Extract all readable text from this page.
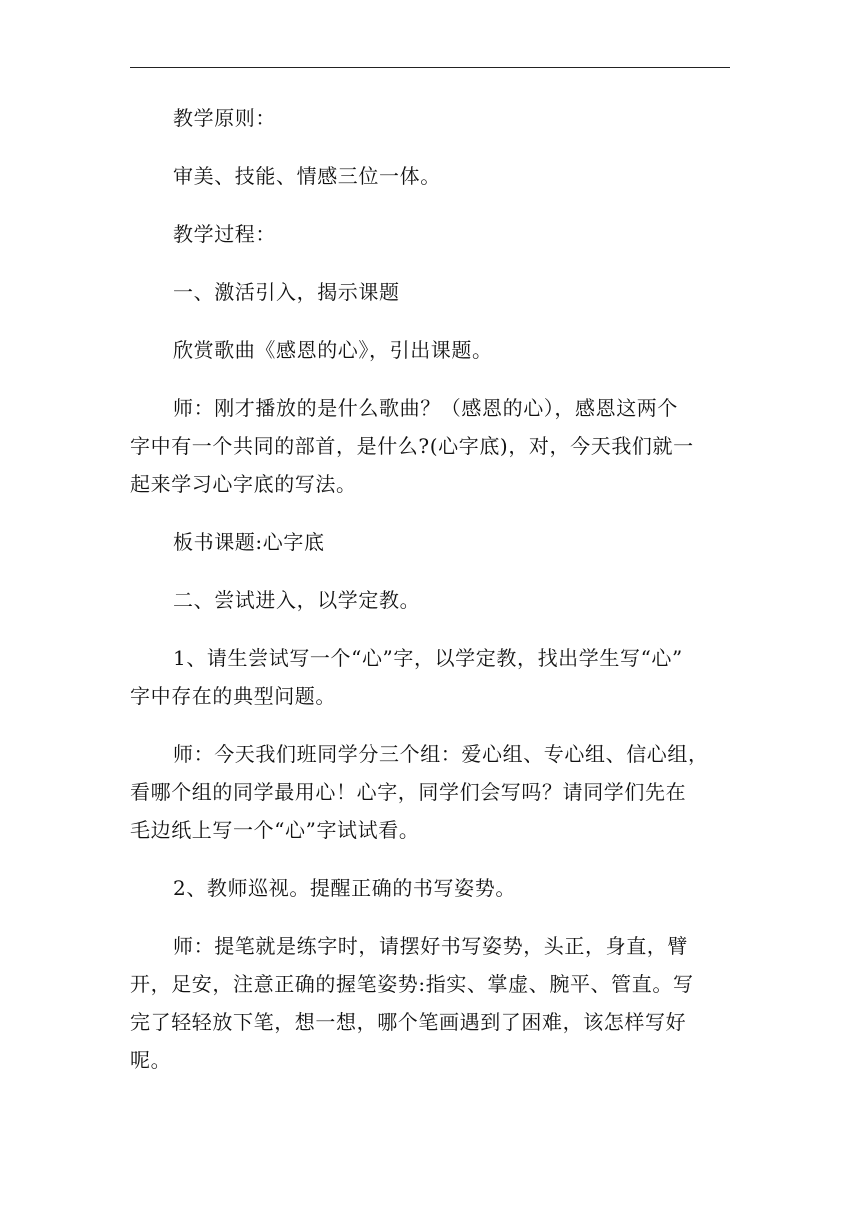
教学原则：

审美、技能、情感三位一体。

教学过程：

一、激活引入，揭示课题

欣赏歌曲《感恩的心》，引出课题。

师：刚才播放的是什么歌曲？（感恩的心），感恩这两个
字中有一个共同的部首，是什么?(心字底)，对，今天我们就一
起来学习心字底的写法。

板书课题:心字底

二、尝试进入，以学定教。

1、请生尝试写一个“心”字，以学定教，找出学生写“心”
字中存在的典型问题。

师：今天我们班同学分三个组：爱心组、专心组、信心组，
看哪个组的同学最用心！心字，同学们会写吗？请同学们先在
毛边纸上写一个“心”字试试看。

2、教师巡视。提醒正确的书写姿势。

师：提笔就是练字时，请摆好书写姿势，头正，身直，臂
开，足安，注意正确的握笔姿势:指实、掌虚、腕平、管直。写
完了轻轻放下笔，想一想，哪个笔画遇到了困难，该怎样写好
呢。
